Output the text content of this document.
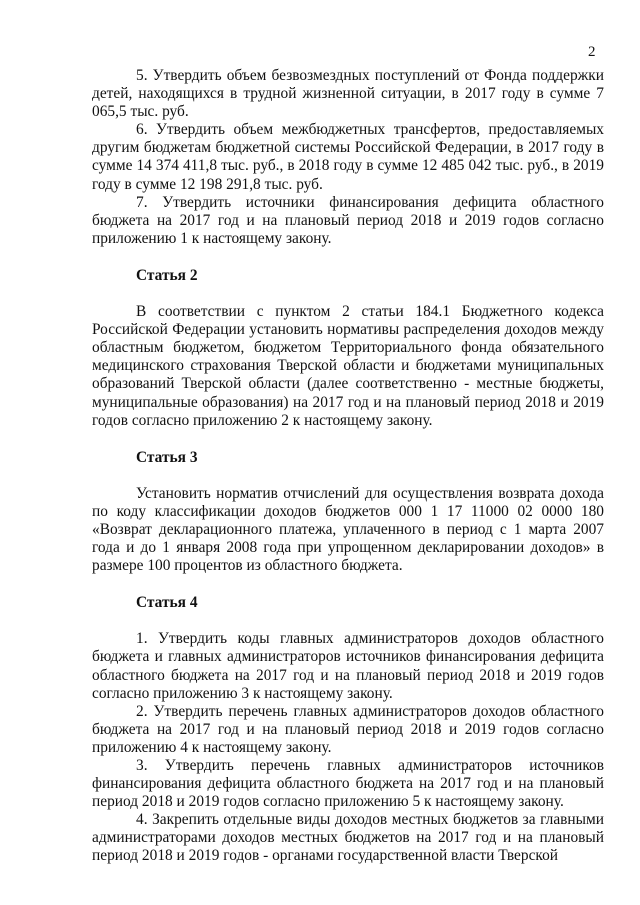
2

5. Утвердить объем безвозмездных поступлений от Фонда поддержки детей, находящихся в трудной жизненной ситуации, в 2017 году в сумме 7 065,5 тыс. руб.

6. Утвердить объем межбюджетных трансфертов, предоставляемых другим бюджетам бюджетной системы Российской Федерации, в 2017 году в сумме 14 374 411,8 тыс. руб., в 2018 году в сумме 12 485 042 тыс. руб., в 2019 году в сумме 12 198 291,8 тыс. руб.

7. Утвердить источники финансирования дефицита областного бюджета на 2017 год и на плановый период 2018 и 2019 годов согласно приложению 1 к настоящему закону.

Статья 2

В соответствии с пунктом 2 статьи 184.1 Бюджетного кодекса Российской Федерации установить нормативы распределения доходов между областным бюджетом, бюджетом Территориального фонда обязательного медицинского страхования Тверской области и бюджетами муниципальных образований Тверской области (далее соответственно - местные бюджеты, муниципальные образования) на 2017 год и на плановый период 2018 и 2019 годов согласно приложению 2 к настоящему закону.

Статья 3

Установить норматив отчислений для осуществления возврата дохода по коду классификации доходов бюджетов 000 1 17 11000 02 0000 180 «Возврат декларационного платежа, уплаченного в период с 1 марта 2007 года и до 1 января 2008 года при упрощенном декларировании доходов» в размере 100 процентов из областного бюджета.

Статья 4

1. Утвердить коды главных администраторов доходов областного бюджета и главных администраторов источников финансирования дефицита областного бюджета на 2017 год и на плановый период 2018 и 2019 годов согласно приложению 3 к настоящему закону.

2. Утвердить перечень главных администраторов доходов областного бюджета на 2017 год и на плановый период 2018 и 2019 годов согласно приложению 4 к настоящему закону.

3. Утвердить перечень главных администраторов источников финансирования дефицита областного бюджета на 2017 год и на плановый период 2018 и 2019 годов согласно приложению 5 к настоящему закону.

4. Закрепить отдельные виды доходов местных бюджетов за главными администраторами доходов местных бюджетов на 2017 год и на плановый период 2018 и 2019 годов - органами государственной власти Тверской
